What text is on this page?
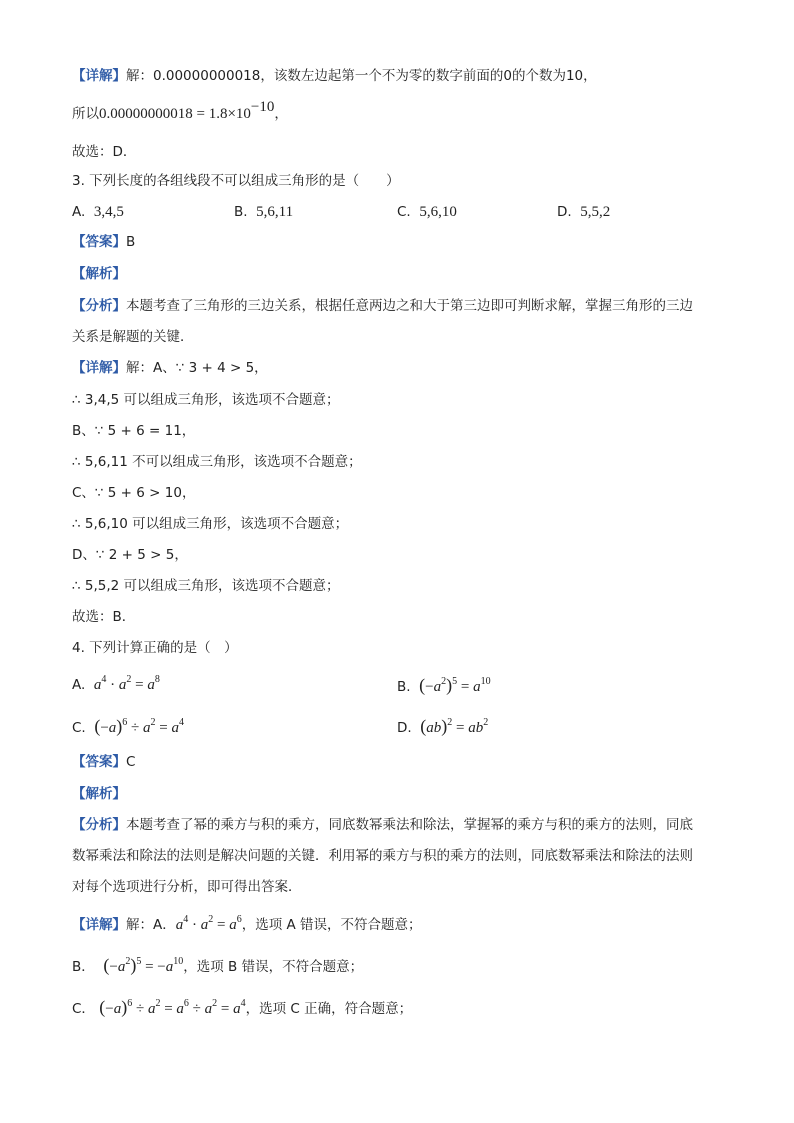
【详解】解：0.00000000018，该数左边起第一个不为零的数字前面的0的个数为10，
所以$0.00000000018 = 1.8\times 10^{-10}$，
故选：D．
3. 下列长度的各组线段不可以组成三角形的是（　　）
A. 3,4,5	B. 5,6,11	C. 5,6,10	D. 5,5,2
【答案】B
【解析】
【分析】本题考查了三角形的三边关系，根据任意两边之和大于第三边即可判断求解，掌握三角形的三边
关系是解题的关键．
【详解】解：A、∵ 3 + 4 > 5，
∴ 3,4,5 可以组成三角形，该选项不合题意；
B、∵ 5 + 6 = 11，
∴ 5,6,11 不可以组成三角形，该选项不合题意；
C、∵ 5 + 6 > 10，
∴ 5,6,10 可以组成三角形，该选项不合题意；
D、∵ 2 + 5 > 5，
∴ 5,5,2 可以组成三角形，该选项不合题意；
故选：B．
4. 下列计算正确的是（　）
A. $a^4 \cdot a^2 = a^8$	B. $(-a^2)^5 = a^{10}$
C. $(-a)^6 \div a^2 = a^4$	D. $(ab)^2 = ab^2$
【答案】C
【解析】
【分析】本题考查了幂的乘方与积的乘方，同底数幂乘法和除法，掌握幂的乘方与积的乘方的法则，同底
数幂乘法和除法的法则是解决问题的关键．利用幂的乘方与积的乘方的法则，同底数幂乘法和除法的法则
对每个选项进行分析，即可得出答案．
【详解】解：A．$a^4 \cdot a^2 = a^6$，选项 A 错误，不符合题意；
B． $(-a^2)^5 = -a^{10}$，选项 B 错误，不符合题意；
C． $(-a)^6 \div a^2 = a^6 \div a^2 = a^4$，选项 C 正确，符合题意；
